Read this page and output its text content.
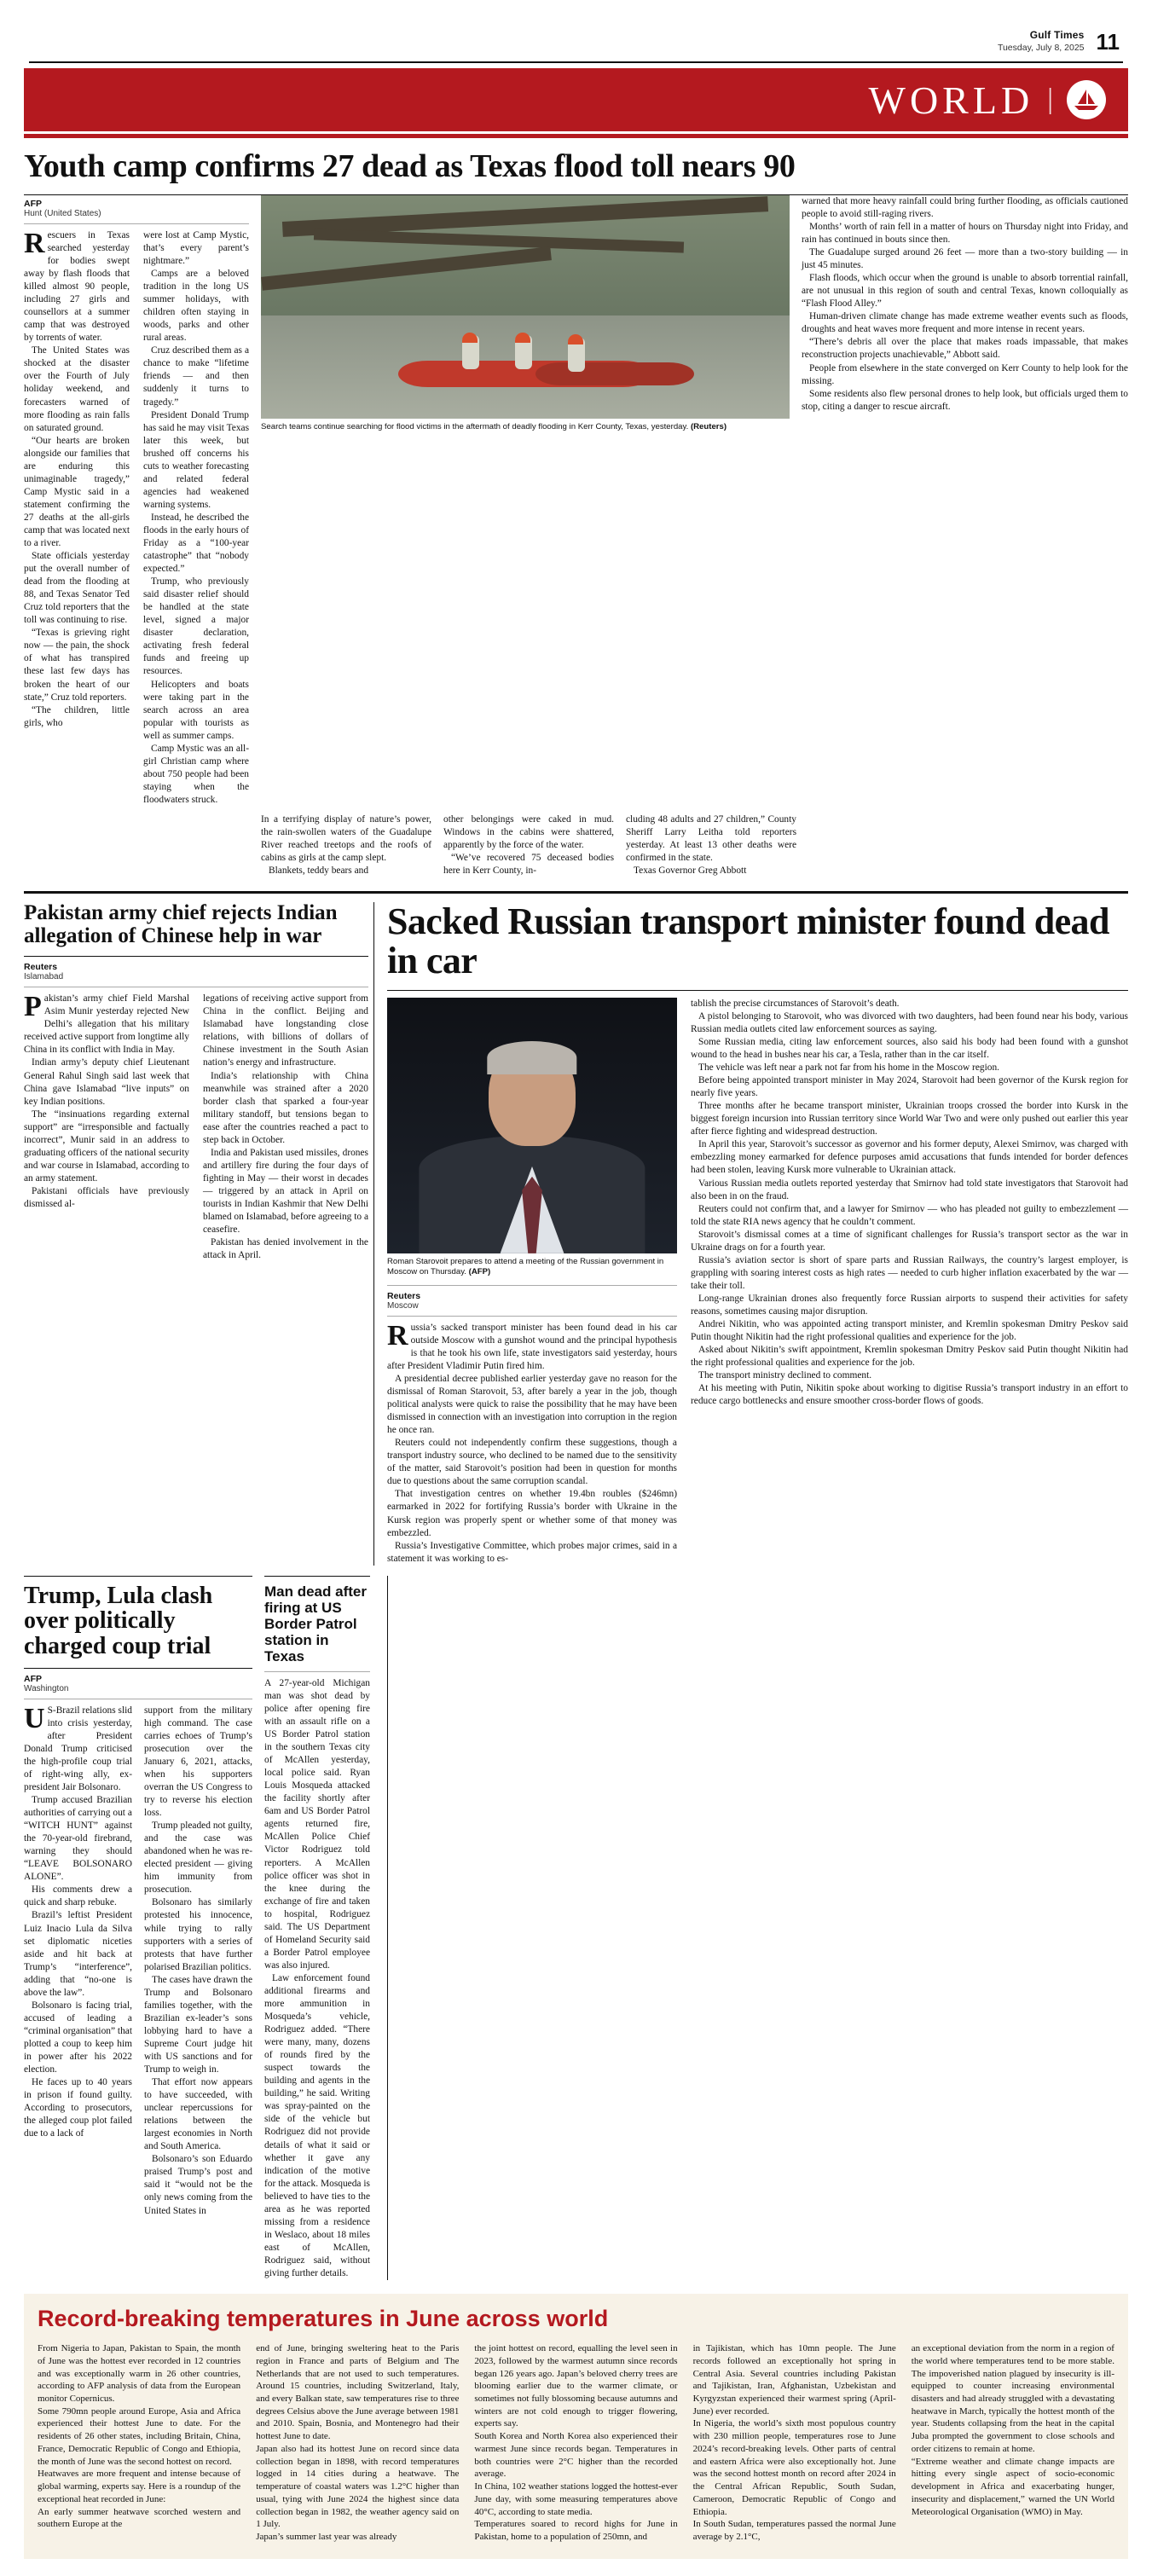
Gulf Times
Tuesday, July 8, 2025 11
WORLD |
Youth camp confirms 27 dead as Texas flood toll nears 90
AFP
Hunt (United States)

Rescuers in Texas searched yesterday for bodies swept away by flash floods that killed almost 90 people, including 27 girls and counsellors at a summer camp that was destroyed by torrents of water.

The United States was shocked at the disaster over the Fourth of July holiday weekend, and forecasters warned of more flooding as rain falls on saturated ground.

“Our hearts are broken alongside our families that are enduring this unimaginable tragedy,” Camp Mystic said in a statement confirming the 27 deaths at the all-girls camp that was located next to a river.

State officials yesterday put the overall number of dead from the flooding at 88, and Texas Senator Ted Cruz told reporters that the toll was continuing to rise.

“Texas is grieving right now — the pain, the shock of what has transpired these last few days has broken the heart of our state,” Cruz told reporters.

“The children, little girls, who

were lost at Camp Mystic, that’s every parent’s nightmare.”

Camps are a beloved tradition in the long US summer holidays, with children often staying in woods, parks and other rural areas.

Cruz described them as a chance to make “lifetime friends — and then suddenly it turns to tragedy.”

President Donald Trump has said he may visit Texas later this week, but brushed off concerns his cuts to weather forecasting and related federal agencies had weakened warning systems.

Instead, he described the floods in the early hours of Friday as a “100-year catastrophe” that “nobody expected.”

Trump, who previously said disaster relief should be handled at the state level, signed a major disaster declaration, activating fresh federal funds and freeing up resources.

Helicopters and boats were taking part in the search across an area popular with tourists as well as summer camps.

Camp Mystic was an all-girl Christian camp where about 750 people had been staying when the floodwaters struck.

Search teams continue searching for flood victims in the aftermath of deadly flooding in Kerr County, Texas, yesterday. (Reuters)

warned that more heavy rainfall could bring further flooding, as officials cautioned people to avoid still-raging rivers.

Months’ worth of rain fell in a matter of hours on Thursday night into Friday, and rain has continued in bouts since then.

The Guadalupe surged around 26 feet — more than a two-story building — in just 45 minutes.

Flash floods, which occur when the ground is unable to absorb torrential rainfall, are not unusual in this region of south and central Texas, known colloquially as “Flash Flood Alley.”

Human-driven climate change has made extreme weather events such as floods, droughts and heat waves more frequent and more intense in recent years.

“There’s debris all over the place that makes roads impassable, that makes reconstruction projects unachievable,” Abbott said.

People from elsewhere in the state converged on Kerr County to help look for the missing.

Some residents also flew personal drones to help look, but officials urged them to stop, citing a danger to rescue aircraft.

In a terrifying display of nature’s power, the rain-swollen waters of the Guadalupe River reached treetops and the roofs of cabins as girls at the camp slept.

Blankets, teddy bears and

other belongings were caked in mud. Windows in the cabins were shattered, apparently by the force of the water.

“We’ve recovered 75 deceased bodies here in Kerr County, in-

cluding 48 adults and 27 children,” County Sheriff Larry Leitha told reporters yesterday. At least 13 other deaths were confirmed in the state.

Texas Governor Greg Abbott

Pakistan army chief rejects Indian allegation of Chinese help in war
Reuters
Islamabad

Pakistan’s army chief Field Marshal Asim Munir yesterday rejected New Delhi’s allegation that his military received active support from longtime ally China in its conflict with India in May.

Indian army’s deputy chief Lieutenant General Rahul Singh said last week that China gave Islamabad “live inputs” on key Indian positions.

The “insinuations regarding external support” are “irresponsible and factually incorrect”, Munir said in an address to graduating officers of the national security and war course in Islamabad, according to an army statement.

Pakistani officials have previously dismissed al-

legations of receiving active support from China in the conflict. Beijing and Islamabad have longstanding close relations, with billions of dollars of Chinese investment in the South Asian nation’s energy and infrastructure.

India’s relationship with China meanwhile was strained after a 2020 border clash that sparked a four-year military standoff, but tensions began to ease after the countries reached a pact to step back in October.

India and Pakistan used missiles, drones and artillery fire during the four days of fighting in May — their worst in decades — triggered by an attack in April on tourists in Indian Kashmir that New Delhi blamed on Islamabad, before agreeing to a ceasefire.

Pakistan has denied involvement in the attack in April.

Sacked Russian transport minister found dead in car
Roman Starovoit prepares to attend a meeting of the Russian government in Moscow on Thursday. (AFP)
Reuters
Moscow

Russia’s sacked transport minister has been found dead in his car outside Moscow with a gunshot wound and the principal hypothesis is that he took his own life, state investigators said yesterday, hours after President Vladimir Putin fired him.

A presidential decree published earlier yesterday gave no reason for the dismissal of Roman Starovoit, 53, after barely a year in the job, though political analysts were quick to raise the possibility that he may have been dismissed in connection with an investigation into corruption in the region he once ran.

Reuters could not independently confirm these suggestions, though a transport industry source, who declined to be named due to the sensitivity of the matter, said Starovoit’s position had been in question for months due to questions about the same corruption scandal.

That investigation centres on whether 19.4bn roubles ($246mn) earmarked in 2022 for fortifying Russia’s border with Ukraine in the Kursk region was properly spent or whether some of that money was embezzled.

Russia’s Investigative Committee, which probes major crimes, said in a statement it was working to es-

tablish the precise circumstances of Starovoit’s death.

A pistol belonging to Starovoit, who was divorced with two daughters, had been found near his body, various Russian media outlets cited law enforcement sources as saying.

Some Russian media, citing law enforcement sources, also said his body had been found with a gunshot wound to the head in bushes near his car, a Tesla, rather than in the car itself.

The vehicle was left near a park not far from his home in the Moscow region.

Before being appointed transport minister in May 2024, Starovoit had been governor of the Kursk region for nearly five years.

Three months after he became transport minister, Ukrainian troops crossed the border into Kursk in the biggest foreign incursion into Russian territory since World War Two and were only pushed out earlier this year after fierce fighting and widespread destruction.

In April this year, Starovoit’s successor as governor and his former deputy, Alexei Smirnov, was charged with embezzling money earmarked for defence purposes amid accusations that funds intended for border defences had been stolen, leaving Kursk more vulnerable to Ukrainian attack.

Various Russian media outlets reported yesterday that Smirnov had told state investigators that Starovoit had also been in on the fraud.

Reuters could not confirm that, and a lawyer for Smirnov — who has pleaded not guilty to embezzlement — told the state RIA news agency that he couldn’t comment.

Starovoit’s dismissal comes at a time of significant challenges for Russia’s transport sector as the war in Ukraine drags on for a fourth year.

Russia’s aviation sector is short of spare parts and Russian Railways, the country’s largest employer, is grappling with soaring interest costs as high rates — needed to curb higher inflation exacerbated by the war — take their toll.

Long-range Ukrainian drones also frequently force Russian airports to suspend their activities for safety reasons, sometimes causing major disruption.

Andrei Nikitin, who was appointed acting transport minister, and Kremlin spokesman Dmitry Peskov said Putin thought Nikitin had the right professional qualities and experience for the job.

Asked about Nikitin’s swift appointment, Kremlin spokesman Dmitry Peskov said Putin thought Nikitin had the right professional qualities and experience for the job.

The transport ministry declined to comment.

At his meeting with Putin, Nikitin spoke about working to digitise Russia’s transport industry in an effort to reduce cargo bottlenecks and ensure smoother cross-border flows of goods.

Trump, Lula clash over politically charged coup trial
AFP
Washington

US-Brazil relations slid into crisis yesterday, after President Donald Trump criticised the high-profile coup trial of right-wing ally, ex-president Jair Bolsonaro.

Trump accused Brazilian authorities of carrying out a “WITCH HUNT” against the 70-year-old firebrand, warning they should “LEAVE BOLSONARO ALONE”.

His comments drew a quick and sharp rebuke.

Brazil’s leftist President Luiz Inacio Lula da Silva set diplomatic niceties aside and hit back at Trump’s “interference”, adding that “no-one is above the law”.

Bolsonaro is facing trial, accused of leading a “criminal organisation” that plotted a coup to keep him in power after his 2022 election.

He faces up to 40 years in prison if found guilty. According to prosecutors, the alleged coup plot failed due to a lack of

support from the military high command. The case carries echoes of Trump’s prosecution over the January 6, 2021, attacks, when his supporters overran the US Congress to try to reverse his election loss.

Trump pleaded not guilty, and the case was abandoned when he was re-elected president — giving him immunity from prosecution.

Bolsonaro has similarly protested his innocence, while trying to rally supporters with a series of protests that have further polarised Brazilian politics.

The cases have drawn the Trump and Bolsonaro families together, with the Brazilian ex-leader’s sons lobbying hard to have a Supreme Court judge hit with US sanctions and for Trump to weigh in.

That effort now appears to have succeeded, with unclear repercussions for relations between the largest economies in North and South America.

Bolsonaro’s son Eduardo praised Trump’s post and said it “would not be the only news coming from the United States in

Man dead after firing at US Border Patrol station in Texas

A 27-year-old Michigan man was shot dead by police after opening fire with an assault rifle on a US Border Patrol station in the southern Texas city of McAllen yesterday, local police said. Ryan Louis Mosqueda attacked the facility shortly after 6am and US Border Patrol agents returned fire, McAllen Police Chief Victor Rodriguez told reporters. A McAllen police officer was shot in the knee during the exchange of fire and taken to hospital, Rodriguez said. The US Department of Homeland Security said a Border Patrol employee was also injured.

Law enforcement found additional firearms and more ammunition in Mosqueda’s vehicle, Rodriguez added. “There were many, many, dozens of rounds fired by the suspect towards the building and agents in the building,” he said. Writing was spray-painted on the side of the vehicle but Rodriguez did not provide details of what it said or whether it gave any indication of the motive for the attack. Mosqueda is believed to have ties to the area as he was reported missing from a residence in Weslaco, about 18 miles east of McAllen, Rodriguez said, without giving further details.

Record-breaking temperatures in June across world

From Nigeria to Japan, Pakistan to Spain, the month of June was the hottest ever recorded in 12 countries and was exceptionally warm in 26 other countries, according to AFP analysis of data from the European monitor Copernicus.

Some 790mn people around Europe, Asia and Africa experienced their hottest June to date. For the residents of 26 other states, including Britain, China, France, Democratic Republic of Congo and Ethiopia, the month of June was the second hottest on record.

Heatwaves are more frequent and intense because of global warming, experts say. Here is a roundup of the exceptional heat recorded in June:

An early summer heatwave scorched western and southern Europe at the

end of June, bringing sweltering heat to the Paris region in France and parts of Belgium and The Netherlands that are not used to such temperatures. Around 15 countries, including Switzerland, Italy, and every Balkan state, saw temperatures rise to three degrees Celsius above the June average between 1981 and 2010. Spain, Bosnia, and Montenegro had their hottest June to date.

Japan also had its hottest June on record since data collection began in 1898, with record temperatures logged in 14 cities during a heatwave. The temperature of coastal waters was 1.2°C higher than usual, tying with June 2024 the highest since data collection began in 1982, the weather agency said on 1 July.

Japan’s summer last year was already

the joint hottest on record, equalling the level seen in 2023, followed by the warmest autumn since records began 126 years ago. Japan’s beloved cherry trees are blooming earlier due to the warmer climate, or sometimes not fully blossoming because autumns and winters are not cold enough to trigger flowering, experts say.

South Korea and North Korea also experienced their warmest June since records began. Temperatures in both countries were 2°C higher than the recorded average.

In China, 102 weather stations logged the hottest-ever June day, with some measuring temperatures above 40°C, according to state media.

Temperatures soared to record highs for June in Pakistan, home to a population of 250mn, and

in Tajikistan, which has 10mn people. The June records followed an exceptionally hot spring in Central Asia. Several countries including Pakistan and Tajikistan, Iran, Afghanistan, Uzbekistan and Kyrgyzstan experienced their warmest spring (April-June) ever recorded.

In Nigeria, the world’s sixth most populous country with 230 million people, temperatures rose to June 2024’s record-breaking levels. Other parts of central and eastern Africa were also exceptionally hot. June was the second hottest month on record after 2024 in the Central African Republic, South Sudan, Cameroon, Democratic Republic of Congo and Ethiopia.

In South Sudan, temperatures passed the normal June average by 2.1°C,

an exceptional deviation from the norm in a region of the world where temperatures tend to be more stable. The impoverished nation plagued by insecurity is ill-equipped to counter increasing environmental disasters and had already struggled with a devastating heatwave in March, typically the hottest month of the year. Students collapsing from the heat in the capital Juba prompted the government to close schools and order citizens to remain at home.

“Extreme weather and climate change impacts are hitting every single aspect of socio-economic development in Africa and exacerbating hunger, insecurity and displacement,” warned the UN World Meteorological Organisation (WMO) in May.
